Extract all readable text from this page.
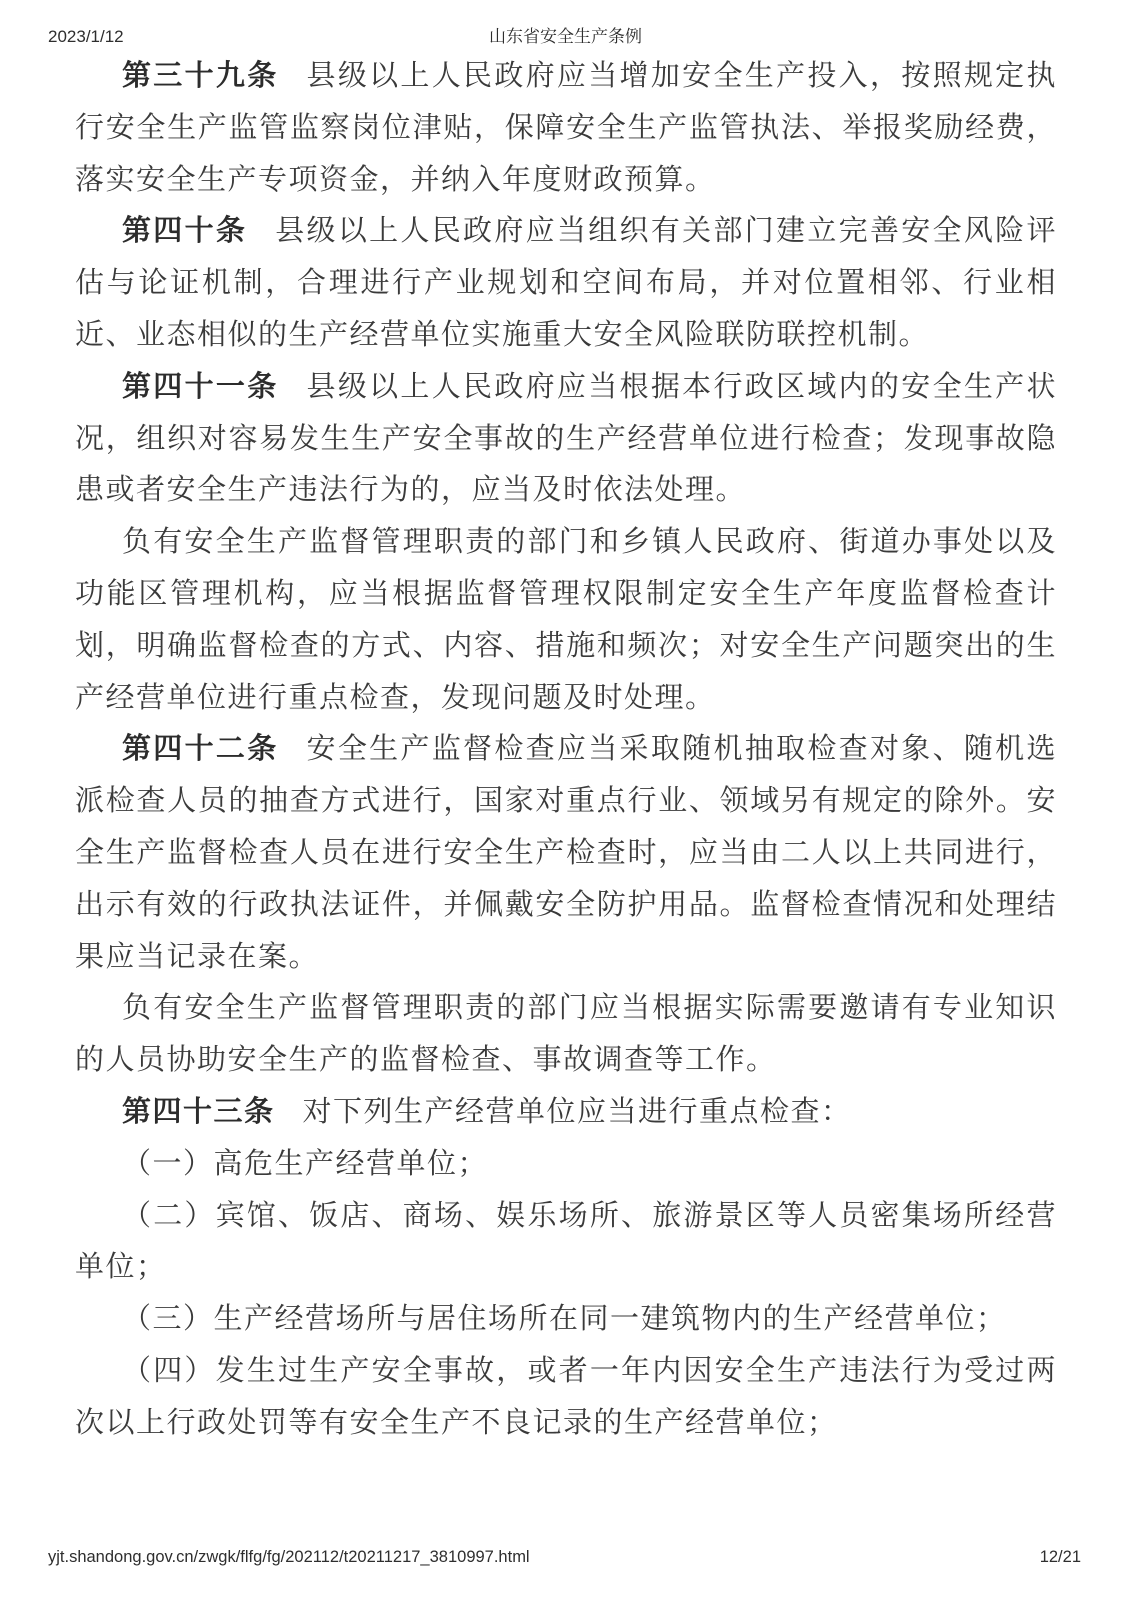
2023/1/12	山东省安全生产条例

第三十九条 县级以上人民政府应当增加安全生产投入，按照规定执行安全生产监管监察岗位津贴，保障安全生产监管执法、举报奖励经费，落实安全生产专项资金，并纳入年度财政预算。

第四十条 县级以上人民政府应当组织有关部门建立完善安全风险评估与论证机制，合理进行产业规划和空间布局，并对位置相邻、行业相近、业态相似的生产经营单位实施重大安全风险联防联控机制。

第四十一条 县级以上人民政府应当根据本行政区域内的安全生产状况，组织对容易发生生产安全事故的生产经营单位进行检查；发现事故隐患或者安全生产违法行为的，应当及时依法处理。

负有安全生产监督管理职责的部门和乡镇人民政府、街道办事处以及功能区管理机构，应当根据监督管理权限制定安全生产年度监督检查计划，明确监督检查的方式、内容、措施和频次；对安全生产问题突出的生产经营单位进行重点检查，发现问题及时处理。

第四十二条 安全生产监督检查应当采取随机抽取检查对象、随机选派检查人员的抽查方式进行，国家对重点行业、领域另有规定的除外。安全生产监督检查人员在进行安全生产检查时，应当由二人以上共同进行，出示有效的行政执法证件，并佩戴安全防护用品。监督检查情况和处理结果应当记录在案。

负有安全生产监督管理职责的部门应当根据实际需要邀请有专业知识的人员协助安全生产的监督检查、事故调查等工作。

第四十三条 对下列生产经营单位应当进行重点检查：

（一）高危生产经营单位；

（二）宾馆、饭店、商场、娱乐场所、旅游景区等人员密集场所经营单位；

（三）生产经营场所与居住场所在同一建筑物内的生产经营单位；

（四）发生过生产安全事故，或者一年内因安全生产违法行为受过两次以上行政处罚等有安全生产不良记录的生产经营单位；

yjt.shandong.gov.cn/zwgk/flfg/fg/202112/t20211217_3810997.html	12/21
